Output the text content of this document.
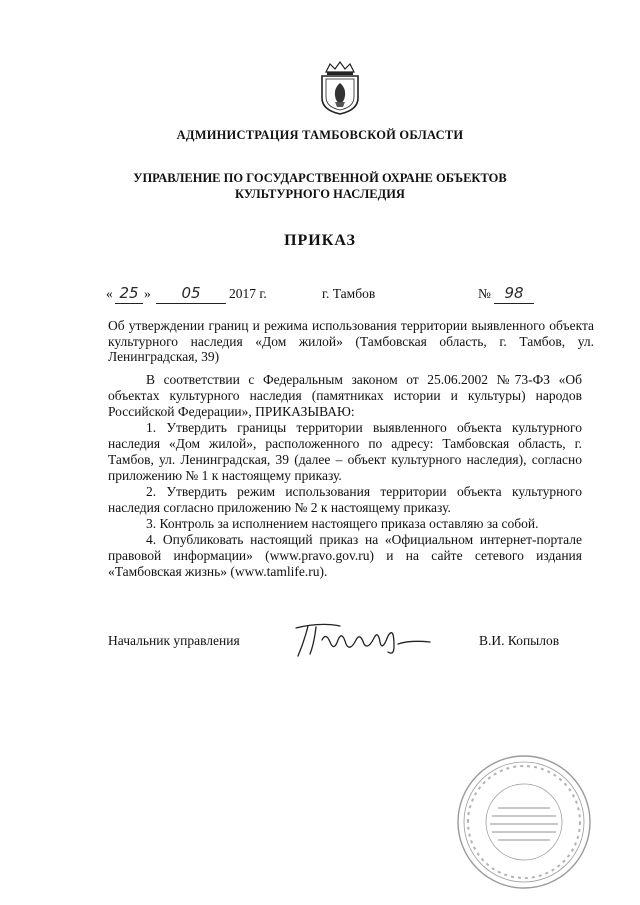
АДМИНИСТРАЦИЯ ТАМБОВСКОЙ ОБЛАСТИ
УПРАВЛЕНИЕ ПО ГОСУДАРСТВЕННОЙ ОХРАНЕ ОБЪЕКТОВ
КУЛЬТУРНОГО НАСЛЕДИЯ
ПРИКАЗ
« 25 »	05	2017 г.	г. Тамбов	№ 98
Об утверждении границ и режима использования территории выявленного объекта культурного наследия «Дом жилой» (Тамбовская область, г. Тамбов, ул. Ленинградская, 39)

В соответствии с Федеральным законом от 25.06.2002 №73-ФЗ «Об объектах культурного наследия (памятниках истории и культуры) народов Российской Федерации», ПРИКАЗЫВАЮ:

1. Утвердить границы территории выявленного объекта культурного наследия «Дом жилой», расположенного по адресу: Тамбовская область, г. Тамбов, ул. Ленинградская, 39 (далее – объект культурного наследия), согласно приложению № 1 к настоящему приказу.

2. Утвердить режим использования территории объекта культурного наследия согласно приложению № 2 к настоящему приказу.

3. Контроль за исполнением настоящего приказа оставляю за собой.

4. Опубликовать настоящий приказ на «Официальном интернет-портале правовой информации» (www.pravo.gov.ru) и на сайте сетевого издания «Тамбовская жизнь» (www.tamlife.ru).

Начальник управления	В.И. Копылов
